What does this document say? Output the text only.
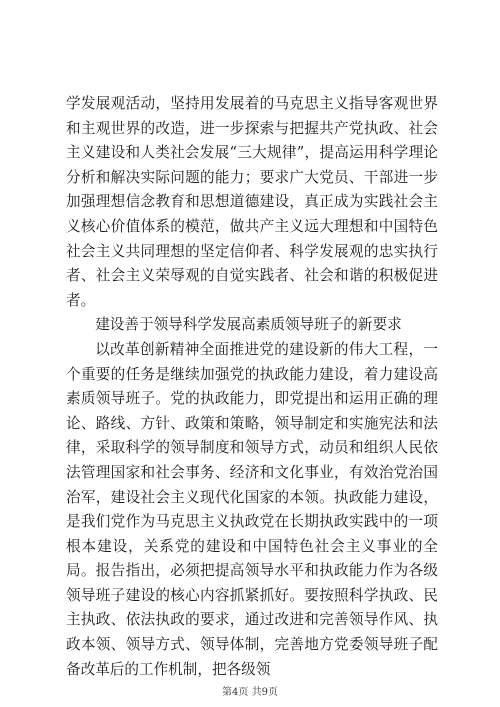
学发展观活动，坚持用发展着的马克思主义指导客观世界和主观世界的改造，进一步探索与把握共产党执政、社会主义建设和人类社会发展“三大规律”，提高运用科学理论分析和解决实际问题的能力；要求广大党员、干部进一步加强理想信念教育和思想道德建设，真正成为实践社会主义核心价值体系的模范，做共产主义远大理想和中国特色社会主义共同理想的坚定信仰者、科学发展观的忠实执行者、社会主义荣辱观的自觉实践者、社会和谐的积极促进者。

建设善于领导科学发展高素质领导班子的新要求

以改革创新精神全面推进党的建设新的伟大工程，一个重要的任务是继续加强党的执政能力建设，着力建设高素质领导班子。党的执政能力，即党提出和运用正确的理论、路线、方针、政策和策略，领导制定和实施宪法和法律，采取科学的领导制度和领导方式，动员和组织人民依法管理国家和社会事务、经济和文化事业，有效治党治国治军，建设社会主义现代化国家的本领。执政能力建设，是我们党作为马克思主义执政党在长期执政实践中的一项根本建设，关系党的建设和中国特色社会主义事业的全局。报告指出，必须把提高领导水平和执政能力作为各级领导班子建设的核心内容抓紧抓好。要按照科学执政、民主执政、依法执政的要求，通过改进和完善领导作风、执政本领、领导方式、领导体制，完善地方党委领导班子配备改革后的工作机制，把各级领

第4页 共9页
